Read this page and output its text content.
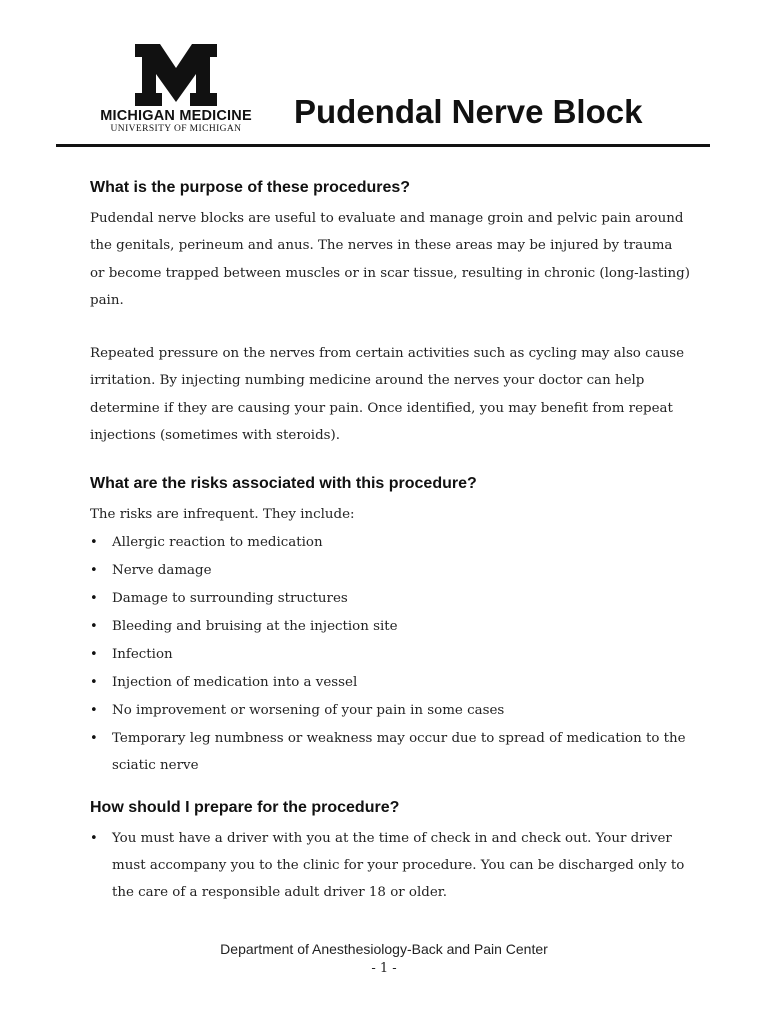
MICHIGAN MEDICINE
UNIVERSITY OF MICHIGAN	Pudendal Nerve Block
What is the purpose of these procedures?

Pudendal nerve blocks are useful to evaluate and manage groin and pelvic pain around the genitals, perineum and anus. The nerves in these areas may be injured by trauma or become trapped between muscles or in scar tissue, resulting in chronic (long-lasting) pain.

Repeated pressure on the nerves from certain activities such as cycling may also cause irritation. By injecting numbing medicine around the nerves your doctor can help determine if they are causing your pain. Once identified, you may benefit from repeat injections (sometimes with steroids).

What are the risks associated with this procedure?

The risks are infrequent. They include:

• Allergic reaction to medication
• Nerve damage
• Damage to surrounding structures
• Bleeding and bruising at the injection site
• Infection
• Injection of medication into a vessel
• No improvement or worsening of your pain in some cases
• Temporary leg numbness or weakness may occur due to spread of medication to the sciatic nerve
How should I prepare for the procedure?
• You must have a driver with you at the time of check in and check out. Your driver must accompany you to the clinic for your procedure. You can be discharged only to the care of a responsible adult driver 18 or older.
Department of Anesthesiology-Back and Pain Center
- 1 -
